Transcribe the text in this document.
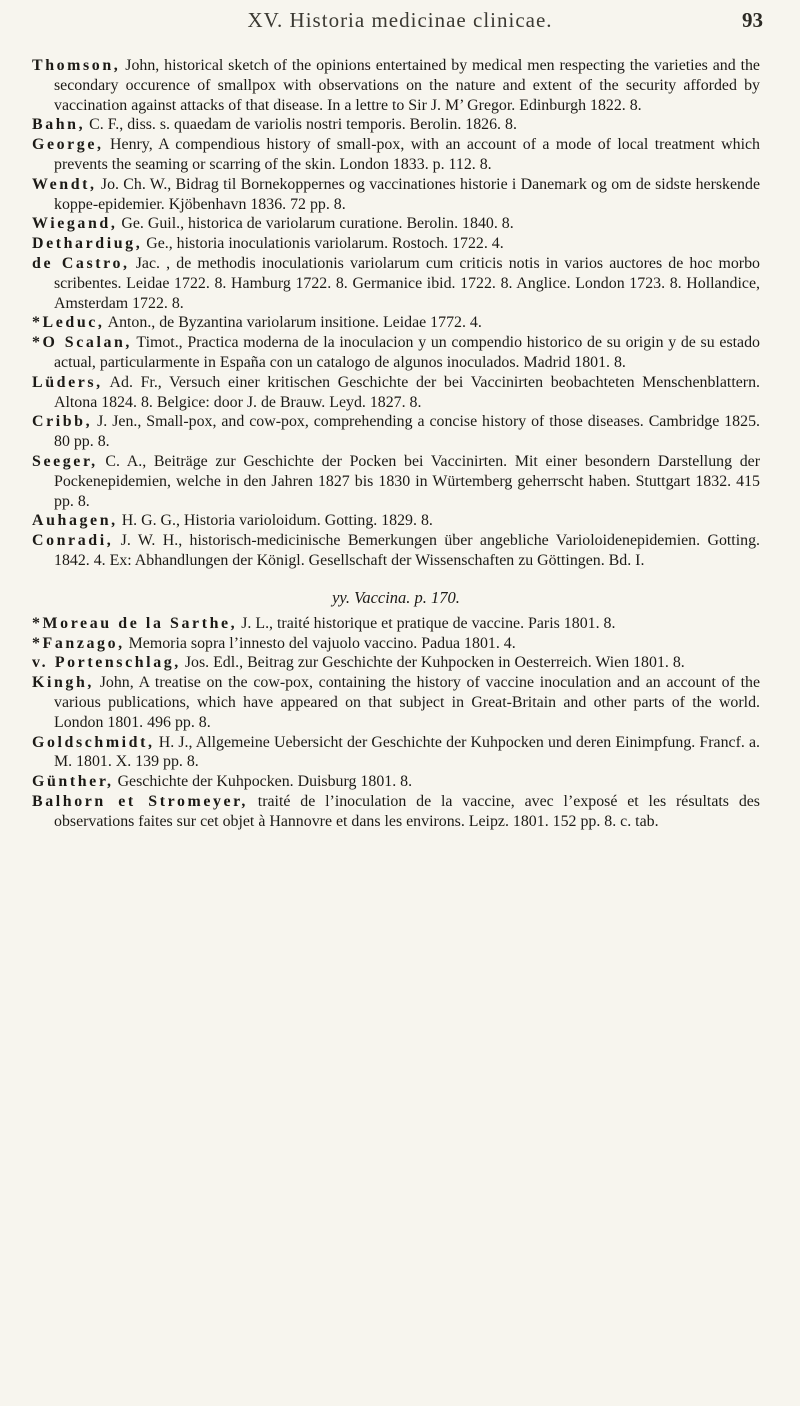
XV. Historia medicinae clinicae.	93

Thomson, John, historical sketch of the opinions entertained by medical men respecting the varieties and the secondary occurence of smallpox with observations on the nature and extent of the security afforded by vaccination against attacks of that disease. In a lettre to Sir J. M’ Gregor. Edinburgh 1822. 8.

Bahn, C. F., diss. s. quaedam de variolis nostri temporis. Berolin. 1826. 8.

George, Henry, A compendious history of small-pox, with an account of a mode of local treatment which prevents the seaming or scarring of the skin. London 1833. p. 112. 8.

Wendt, Jo. Ch. W., Bidrag til Bornekoppernes og vaccinationes historie i Danemark og om de sidste herskende koppe-epidemier. Kjöbenhavn 1836. 72 pp. 8.

Wiegand, Ge. Guil., historica de variolarum curatione. Berolin. 1840. 8.

Dethardiug, Ge., historia inoculationis variolarum. Rostoch. 1722. 4.

de Castro, Jac. , de methodis inoculationis variolarum cum criticis notis in varios auctores de hoc morbo scribentes. Leidae 1722. 8. Hamburg 1722. 8. Germanice ibid. 1722. 8. Anglice. London 1723. 8. Hollandice, Amsterdam 1722. 8.

*Leduc, Anton., de Byzantina variolarum insitione. Leidae 1772. 4.

*O Scalan, Timot., Practica moderna de la inoculacion y un compendio historico de su origin y de su estado actual, particularmente in España con un catalogo de algunos inoculados. Madrid 1801. 8.

Lüders, Ad. Fr., Versuch einer kritischen Geschichte der bei Vaccinirten beobachteten Menschenblattern. Altona 1824. 8. Belgice: door J. de Brauw. Leyd. 1827. 8.

Cribb, J. Jen., Small-pox, and cow-pox, comprehending a concise history of those diseases. Cambridge 1825. 80 pp. 8.

Seeger, C. A., Beiträge zur Geschichte der Pocken bei Vaccinirten. Mit einer besondern Darstellung der Pockenepidemien, welche in den Jahren 1827 bis 1830 in Würtemberg geherrscht haben. Stuttgart 1832. 415 pp. 8.

Auhagen, H. G. G., Historia varioloidum. Gotting. 1829. 8.

Conradi, J. W. H., historisch-medicinische Bemerkungen über angebliche Varioloidenepidemien. Gotting. 1842. 4. Ex: Abhandlungen der Königl. Gesellschaft der Wissenschaften zu Göttingen. Bd. I.

yy. Vaccina. p. 170.

*Moreau de la Sarthe, J. L., traité historique et pratique de vaccine. Paris 1801. 8.

*Fanzago, Memoria sopra l’innesto del vajuolo vaccino. Padua 1801. 4.

v. Portenschlag, Jos. Edl., Beitrag zur Geschichte der Kuhpocken in Oesterreich. Wien 1801. 8.

Kingh, John, A treatise on the cow-pox, containing the history of vaccine inoculation and an account of the various publications, which have appeared on that subject in Great-Britain and other parts of the world. London 1801. 496 pp. 8.

Goldschmidt, H. J., Allgemeine Uebersicht der Geschichte der Kuhpocken und deren Einimpfung. Francf. a. M. 1801. X. 139 pp. 8.

Günther, Geschichte der Kuhpocken. Duisburg 1801. 8.

Balhorn et Stromeyer, traité de l’inoculation de la vaccine, avec l’exposé et les résultats des observations faites sur cet objet à Hannovre et dans les environs. Leipz. 1801. 152 pp. 8. c. tab.
